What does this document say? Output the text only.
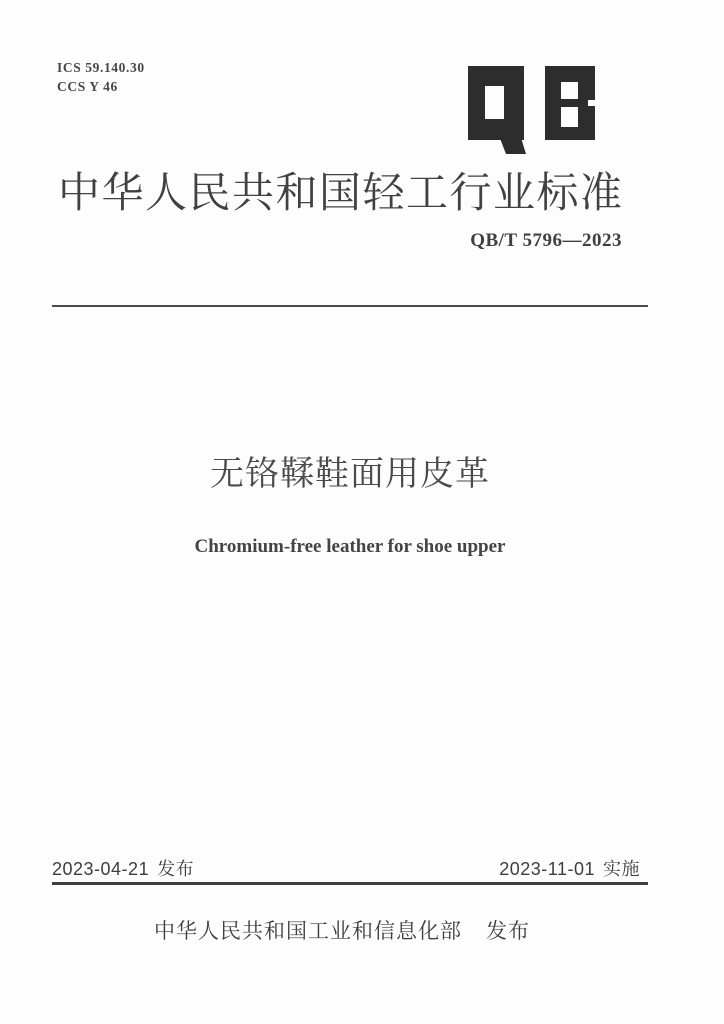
ICS 59.140.30
CCS Y 46
中华人民共和国轻工行业标准
QB/T 5796—2023
无铬鞣鞋面用皮革
Chromium-free leather for shoe upper
2023-04-21 发布	2023-11-01 实施
中华人民共和国工业和信息化部 发布
